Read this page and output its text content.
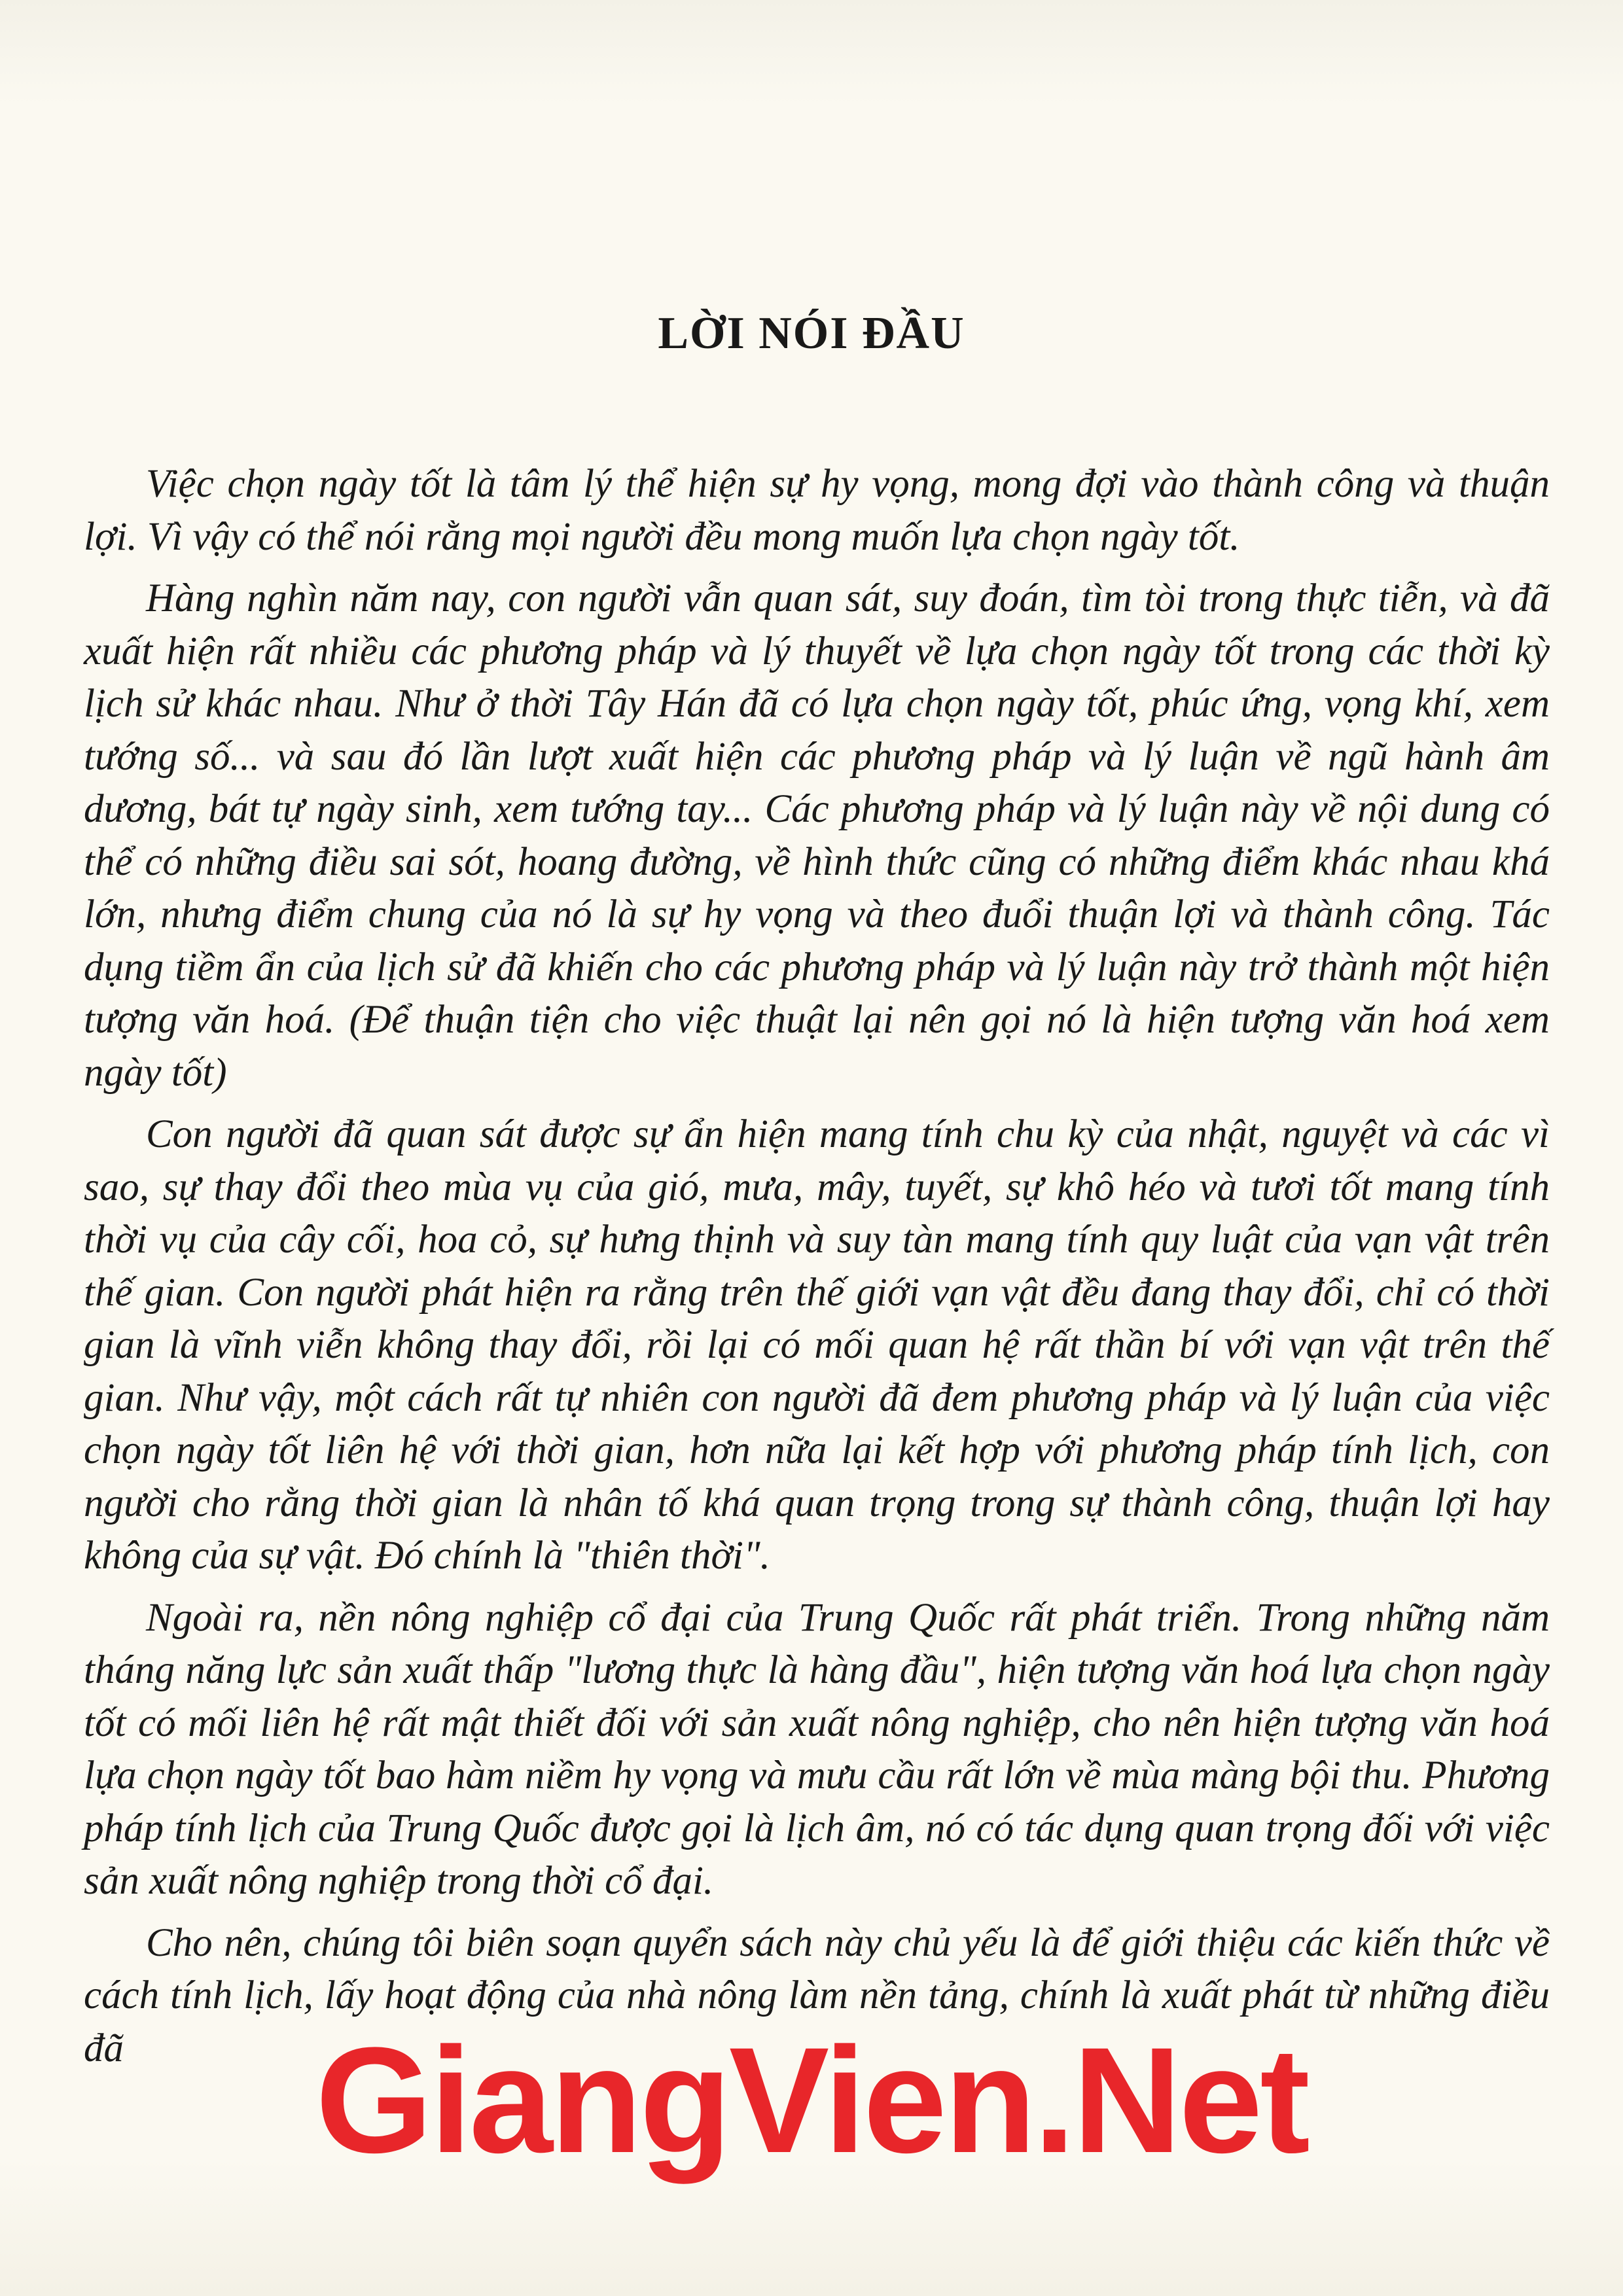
LỜI NÓI ĐẦU

Việc chọn ngày tốt là tâm lý thể hiện sự hy vọng, mong đợi vào thành công và thuận lợi. Vì vậy có thể nói rằng mọi người đều mong muốn lựa chọn ngày tốt.

Hàng nghìn năm nay, con người vẫn quan sát, suy đoán, tìm tòi trong thực tiễn, và đã xuất hiện rất nhiều các phương pháp và lý thuyết về lựa chọn ngày tốt trong các thời kỳ lịch sử khác nhau. Như ở thời Tây Hán đã có lựa chọn ngày tốt, phúc ứng, vọng khí, xem tướng số... và sau đó lần lượt xuất hiện các phương pháp và lý luận về ngũ hành âm dương, bát tự ngày sinh, xem tướng tay... Các phương pháp và lý luận này về nội dung có thể có những điều sai sót, hoang đường, về hình thức cũng có những điểm khác nhau khá lớn, nhưng điểm chung của nó là sự hy vọng và theo đuổi thuận lợi và thành công. Tác dụng tiềm ẩn của lịch sử đã khiến cho các phương pháp và lý luận này trở thành một hiện tượng văn hoá. (Để thuận tiện cho việc thuật lại nên gọi nó là hiện tượng văn hoá xem ngày tốt)

Con người đã quan sát được sự ẩn hiện mang tính chu kỳ của nhật, nguyệt và các vì sao, sự thay đổi theo mùa vụ của gió, mưa, mây, tuyết, sự khô héo và tươi tốt mang tính thời vụ của cây cối, hoa cỏ, sự hưng thịnh và suy tàn mang tính quy luật của vạn vật trên thế gian. Con người phát hiện ra rằng trên thế giới vạn vật đều đang thay đổi, chỉ có thời gian là vĩnh viễn không thay đổi, rồi lại có mối quan hệ rất thần bí với vạn vật trên thế gian. Như vậy, một cách rất tự nhiên con người đã đem phương pháp và lý luận của việc chọn ngày tốt liên hệ với thời gian, hơn nữa lại kết hợp với phương pháp tính lịch, con người cho rằng thời gian là nhân tố khá quan trọng trong sự thành công, thuận lợi hay không của sự vật. Đó chính là "thiên thời".

Ngoài ra, nền nông nghiệp cổ đại của Trung Quốc rất phát triển. Trong những năm tháng năng lực sản xuất thấp "lương thực là hàng đầu", hiện tượng văn hoá lựa chọn ngày tốt có mối liên hệ rất mật thiết đối với sản xuất nông nghiệp, cho nên hiện tượng văn hoá lựa chọn ngày tốt bao hàm niềm hy vọng và mưu cầu rất lớn về mùa màng bội thu. Phương pháp tính lịch của Trung Quốc được gọi là lịch âm, nó có tác dụng quan trọng đối với việc sản xuất nông nghiệp trong thời cổ đại.

Cho nên, chúng tôi biên soạn quyển sách này chủ yếu là để giới thiệu các kiến thức về cách tính lịch, lấy hoạt động của nhà nông làm nền tảng, chính là xuất phát từ những điều đã	GiangVien.Net
